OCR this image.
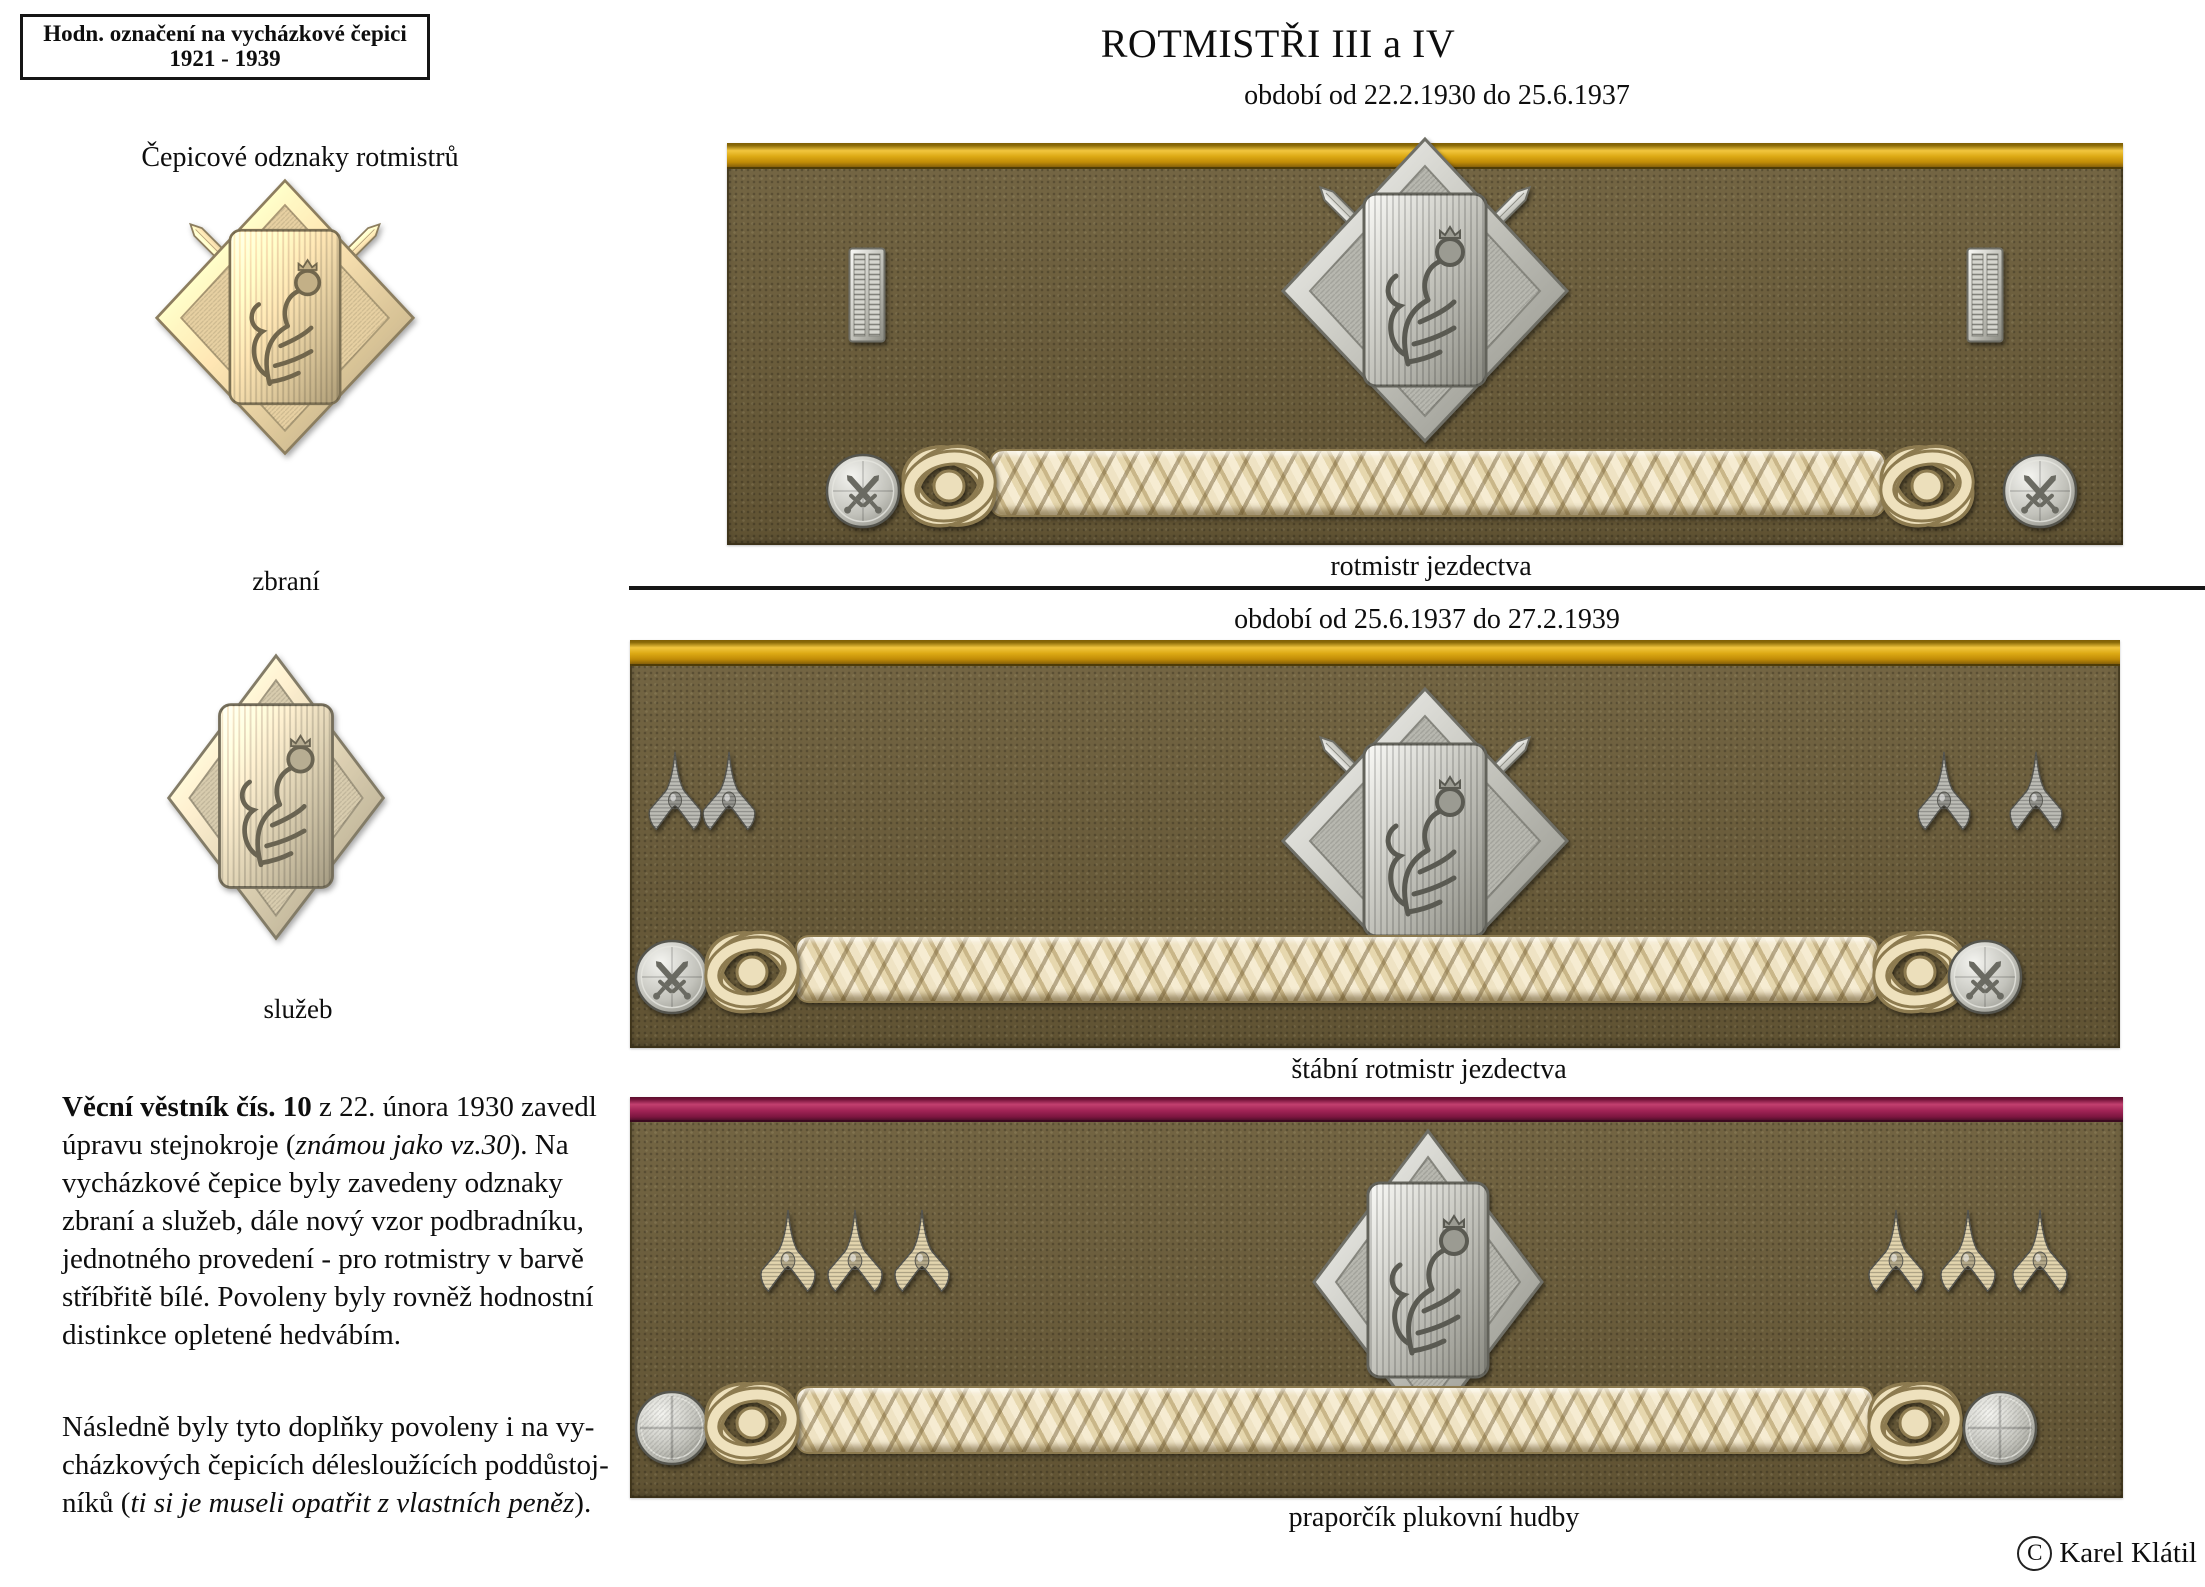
Hodn. označení na vycházkové čepici
1921 - 1939
Čepicové odznaky rotmistrů
zbraní
služeb
Věcní věstník čís. 10 z 22. února 1930 zavedl
úpravu stejnokroje (známou jako vz.30). Na
vycházkové čepice byly zavedeny odznaky
zbraní a služeb, dále nový vzor podbradníku,
jednotného provedení - pro rotmistry v barvě
stříbřitě bílé. Povoleny byly rovněž hodnostní
distinkce opletené hedvábím.
Následně byly tyto doplňky povoleny i na vy-
cházkových čepicích délesloužících poddůstoj-
níků (ti si je museli opatřit z vlastních peněz).
ROTMISTŘI III a IV
období od 22.2.1930 do 25.6.1937
rotmistr jezdectva
období od 25.6.1937 do 27.2.1939
štábní rotmistr jezdectva
praporčík plukovní hudby
C Karel Klátil
